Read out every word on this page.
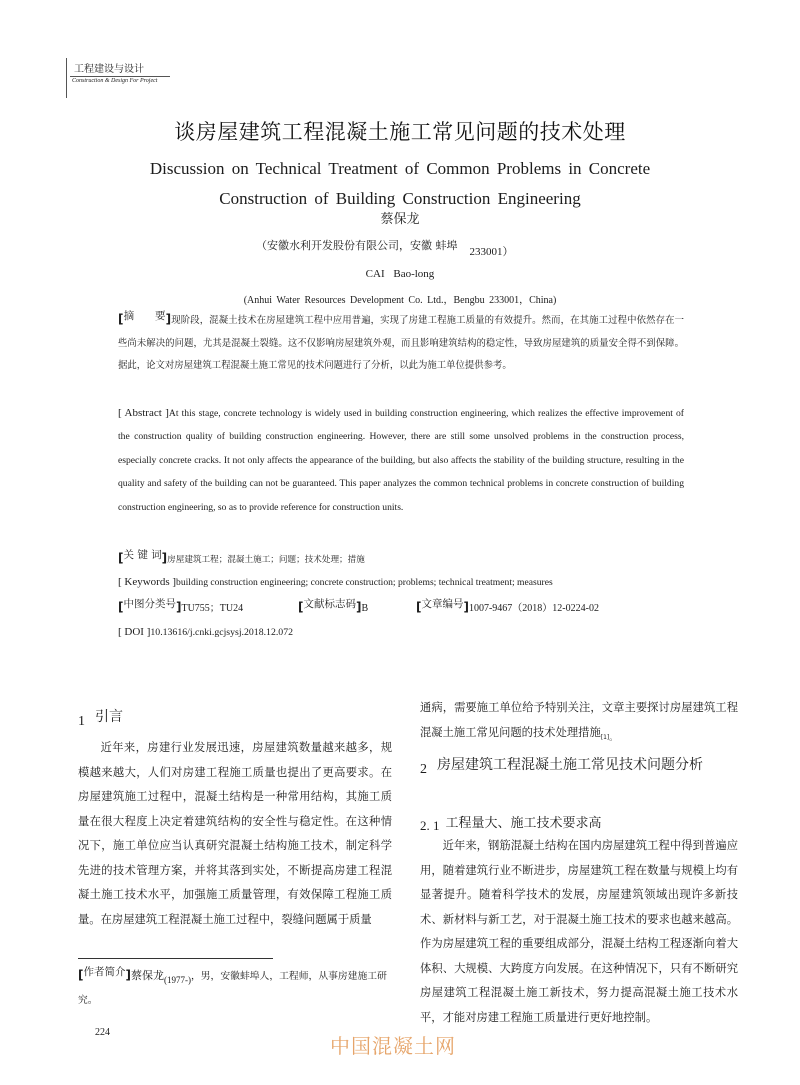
工程建设与设计
Construction & Design For Project
谈房屋建筑工程混凝土施工常见问题的技术处理
Discussion on Technical Treatment of Common Problems in Concrete
Construction of Building Construction Engineering
蔡保龙
（安徽水利开发股份有限公司，安徽 蚌埠 233001）
CAI Bao-long
(Anhui Water Resources Development Co. Ltd.，Bengbu 233001，China)
[摘      要]现阶段，混凝土技术在房屋建筑工程中应用普遍，实现了房建工程施工质量的有效提升。然而，在其施工过程中依然存在一些尚未解决的问题，尤其是混凝土裂缝。这不仅影响房屋建筑外观，而且影响建筑结构的稳定性，导致房屋建筑的质量安全得不到保障。据此，论文对房屋建筑工程混凝土施工常见的技术问题进行了分析，以此为施工单位提供参考。
[ Abstract ]At this stage, concrete technology is widely used in building construction engineering, which realizes the effective improvement of the construction quality of building construction engineering. However, there are still some unsolved problems in the construction process, especially concrete cracks. It not only affects the appearance of the building, but also affects the stability of the building structure, resulting in the quality and safety of the building can not be guaranteed. This paper analyzes the common technical problems in concrete construction of building construction engineering, so as to provide reference for construction units.
[关 键 词]房屋建筑工程；混凝土施工；问题；技术处理；措施
[ Keywords ]building construction engineering; concrete construction; problems; technical treatment; measures
[中图分类号]TU755；TU24	[文献标志码]B	[文章编号]1007-9467（2018）12-0224-02
[ DOI ]10.13616/j.cnki.gcjsysj.2018.12.072
1 引言
近年来，房建行业发展迅速，房屋建筑数量越来越多，规模越来越大，人们对房建工程施工质量也提出了更高要求。在房屋建筑施工过程中，混凝土结构是一种常用结构，其施工质量在很大程度上决定着建筑结构的安全性与稳定性。在这种情况下，施工单位应当认真研究混凝土结构施工技术，制定科学先进的技术管理方案，并将其落到实处，不断提高房建工程混凝土施工技术水平，加强施工质量管理，有效保障工程施工质量。在房屋建筑工程混凝土施工过程中，裂缝问题属于质量
通病，需要施工单位给予特别关注，文章主要探讨房屋建筑工程混凝土施工常见问题的技术处理措施$_{[1]。}$
2 房屋建筑工程混凝土施工常见技术问题分析
2. 1 工程量大、施工技术要求高
近年来，钢筋混凝土结构在国内房屋建筑工程中得到普遍应用，随着建筑行业不断进步，房屋建筑工程在数量与规模上均有显著提升。随着科学技术的发展，房屋建筑领域出现许多新技术、新材料与新工艺，对于混凝土施工技术的要求也越来越高。作为房屋建筑工程的重要组成部分，混凝土结构工程逐渐向着大体积、大规模、大跨度方向发展。在这种情况下，只有不断研究房屋建筑工程混凝土施工新技术，努力提高混凝土施工技术水平，才能对房建工程施工质量进行更好地控制。
[作者简介]蔡保龙(1977-)，男，安徽蚌埠人，工程师，从事房建施工研究。
224
中国混凝土网
